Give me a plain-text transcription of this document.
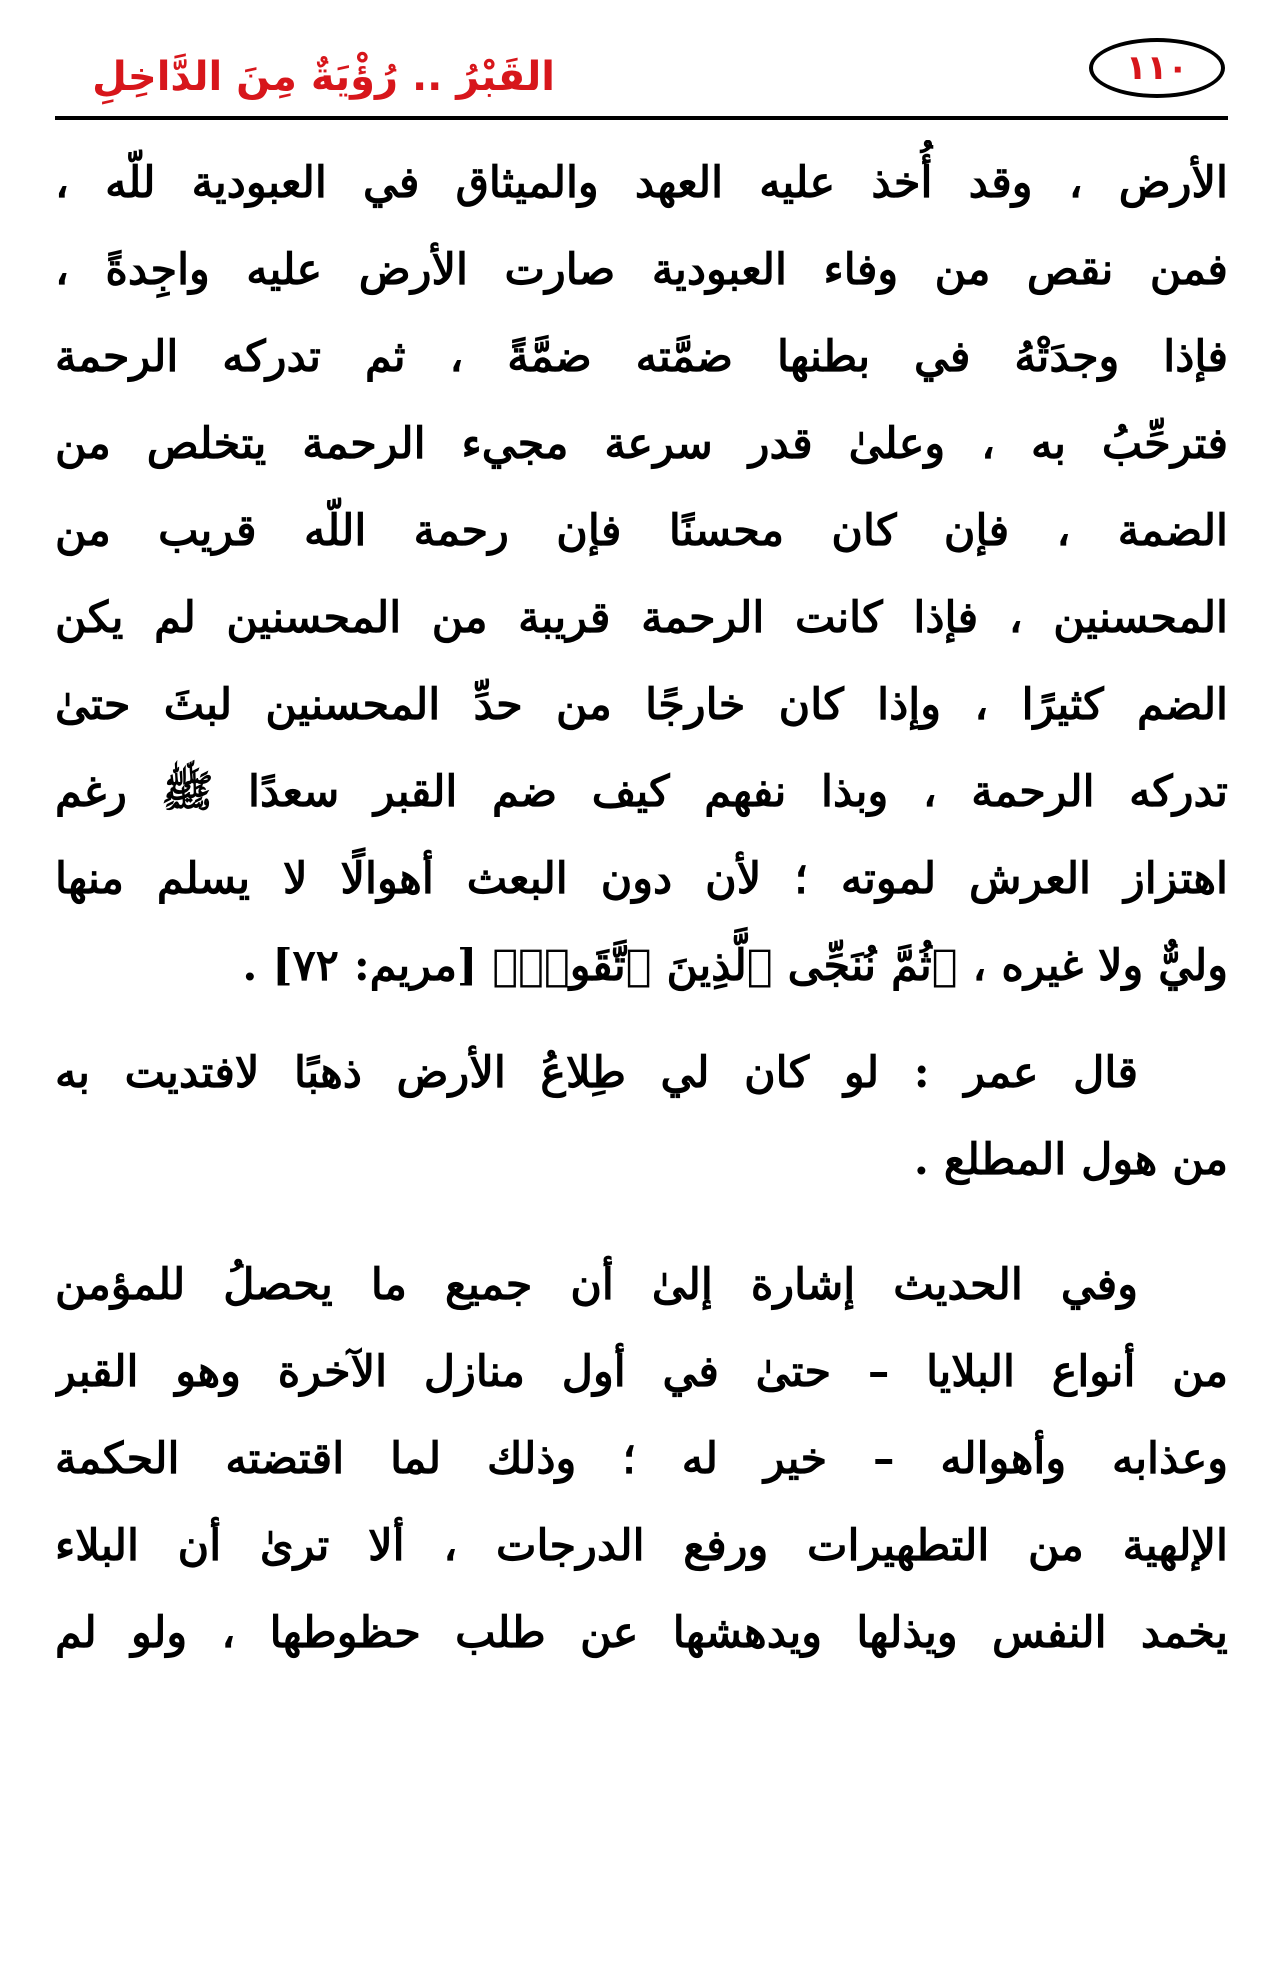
القَبْرُ .. رُؤْيَةٌ مِنَ الدَّاخِلِ	١١٠
الأرض ، وقد أُخذ عليه العهد والميثاق في العبودية للّه ،
فمن نقص من وفاء العبودية صارت الأرض عليه واجِدةً ،
فإذا وجدَتْهُ في بطنها ضمَّته ضمَّةً ، ثم تدركه الرحمة
فترحِّبُ به ، وعلىٰ قدر سرعة مجيء الرحمة يتخلص من
الضمة ، فإن كان محسنًا فإن رحمة اللّه قريب من
المحسنين ، فإذا كانت الرحمة قريبة من المحسنين لم يكن
الضم كثيرًا ، وإذا كان خارجًا من حدِّ المحسنين لبثَ حتىٰ
تدركه الرحمة ، وبذا نفهم كيف ضم القبر سعدًا ﷺ رغم
اهتزاز العرش لموته ؛ لأن دون البعث أهوالًا لا يسلم منها
وليٌّ ولا غيره ، ﴿ثُمَّ نُنَجِّى ٱلَّذِينَ ٱتَّقَوا۟﴾ [مريم: ٧٢] .
قال عمر : لو كان لي طِلاعُ الأرض ذهبًا لافتديت به
من هول المطلع .
وفي الحديث إشارة إلىٰ أن جميع ما يحصلُ للمؤمن
من أنواع البلايا – حتىٰ في أول منازل الآخرة وهو القبر
وعذابه وأهواله – خير له ؛ وذلك لما اقتضته الحكمة
الإلهية من التطهيرات ورفع الدرجات ، ألا ترىٰ أن البلاء
يخمد النفس ويذلها ويدهشها عن طلب حظوطها ، ولو لم
